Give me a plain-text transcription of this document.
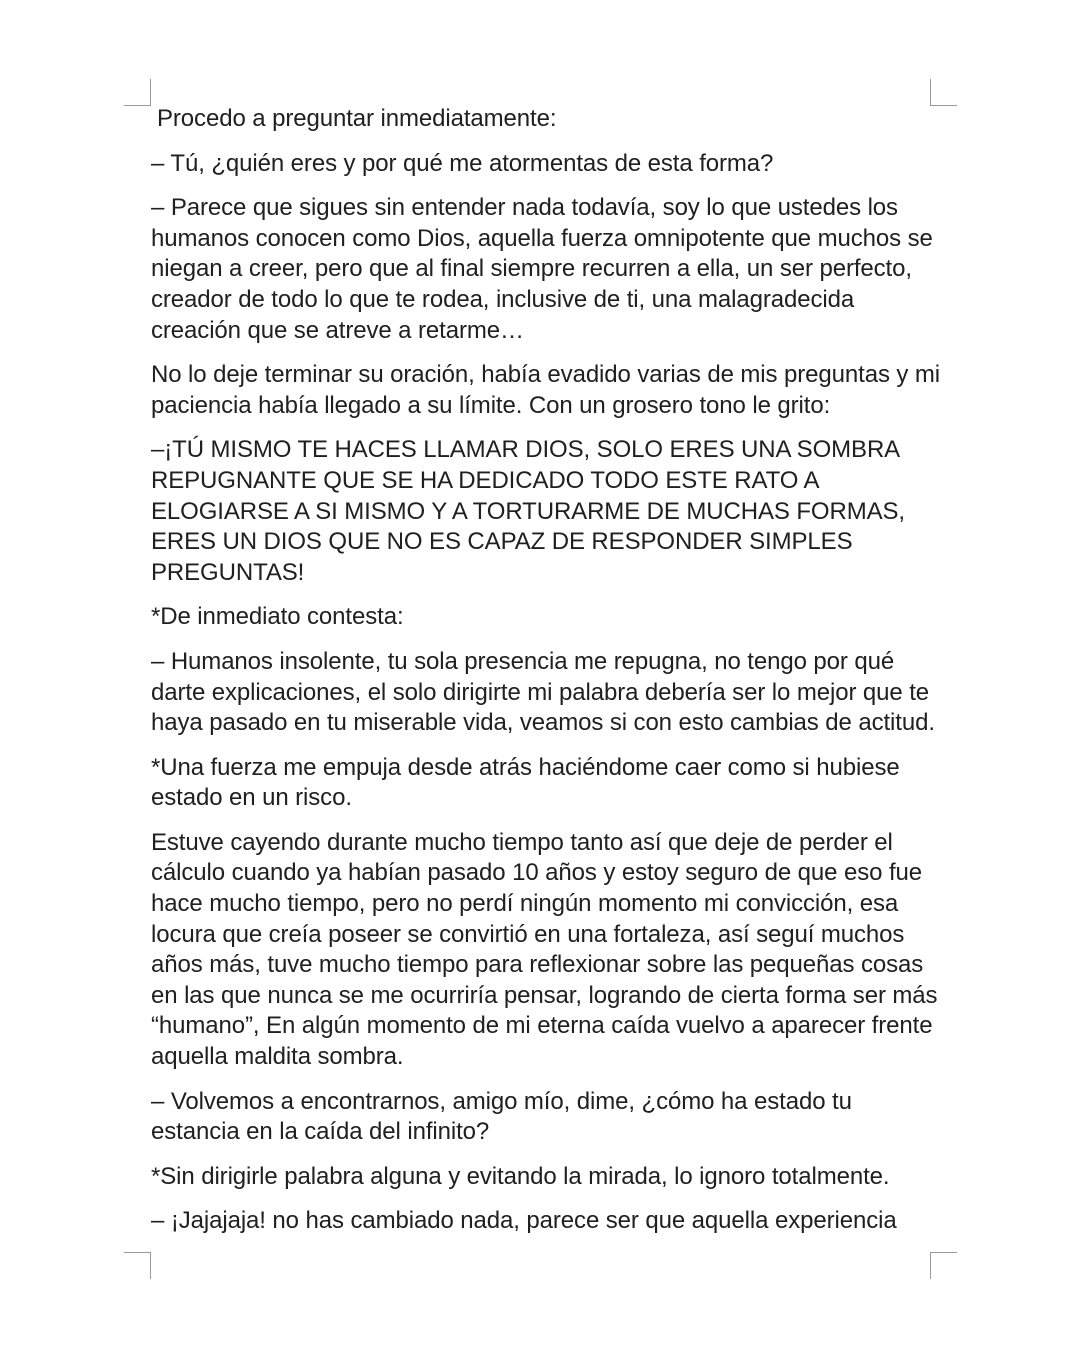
Procedo a preguntar inmediatamente:

– Tú, ¿quién eres y por qué me atormentas de esta forma?

– Parece que sigues sin entender nada todavía, soy lo que ustedes los humanos conocen como Dios, aquella fuerza omnipotente que muchos se niegan a creer, pero que al final siempre recurren a ella, un ser perfecto, creador de todo lo que te rodea, inclusive de ti, una malagradecida creación que se atreve a retarme…

No lo deje terminar su oración, había evadido varias de mis preguntas y mi paciencia había llegado a su límite. Con un grosero tono le grito:

–¡TÚ MISMO TE HACES LLAMAR DIOS, SOLO ERES UNA SOMBRA REPUGNANTE QUE SE HA DEDICADO TODO ESTE RATO A ELOGIARSE A SI MISMO Y A TORTURARME DE MUCHAS FORMAS, ERES UN DIOS QUE NO ES CAPAZ DE RESPONDER SIMPLES PREGUNTAS!

*De inmediato contesta:

– Humanos insolente, tu sola presencia me repugna, no tengo por qué darte explicaciones, el solo dirigirte mi palabra debería ser lo mejor que te haya pasado en tu miserable vida, veamos si con esto cambias de actitud.

*Una fuerza me empuja desde atrás haciéndome caer como si hubiese estado en un risco.

Estuve cayendo durante mucho tiempo tanto así que deje de perder el cálculo cuando ya habían pasado 10 años y estoy seguro de que eso fue hace mucho tiempo, pero no perdí ningún momento mi convicción, esa locura que creía poseer se convirtió en una fortaleza, así seguí muchos años más, tuve mucho tiempo para reflexionar sobre las pequeñas cosas en las que nunca se me ocurriría pensar, logrando de cierta forma ser más “humano”, En algún momento de mi eterna caída vuelvo a aparecer frente aquella maldita sombra.

– Volvemos a encontrarnos, amigo mío, dime, ¿cómo ha estado tu estancia en la caída del infinito?

*Sin dirigirle palabra alguna y evitando la mirada, lo ignoro totalmente.

– ¡Jajajaja! no has cambiado nada, parece ser que aquella experiencia
